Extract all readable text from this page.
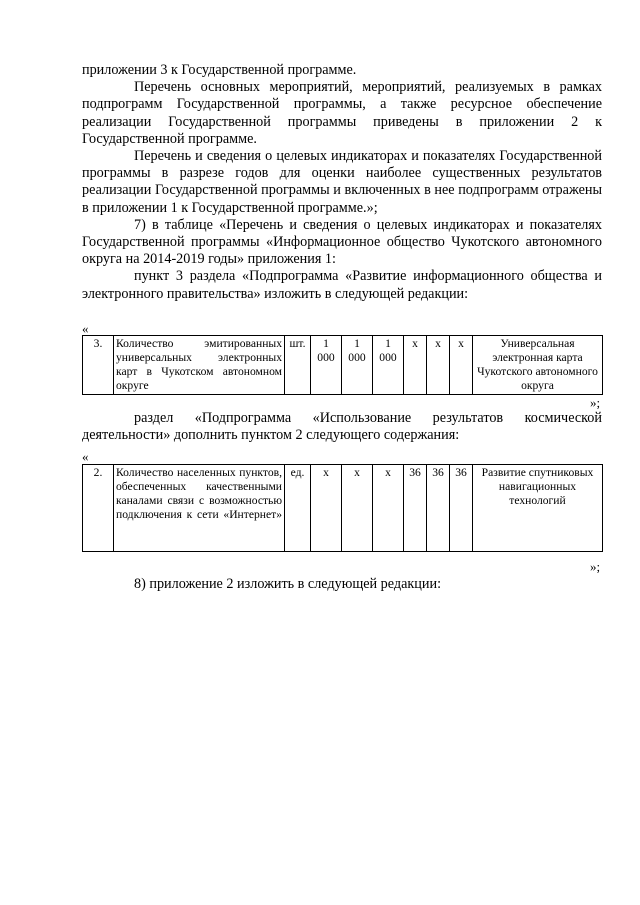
приложении 3 к Государственной программе.

Перечень основных мероприятий, мероприятий, реализуемых в рамках подпрограмм Государственной программы, а также ресурсное обеспечение реализации Государственной программы приведены в приложении 2 к Государственной программе.

Перечень и сведения о целевых индикаторах и показателях Государственной программы в разрезе годов для оценки наиболее существенных результатов реализации Государственной программы и включенных в нее подпрограмм отражены в приложении 1 к Государственной программе.»;

7) в таблице «Перечень и сведения о целевых индикаторах и показателях Государственной программы «Информационное общество Чукотского автономного округа на 2014-2019 годы» приложения 1:

пункт 3 раздела «Подпрограмма «Развитие информационного общества и электронного правительства» изложить в следующей редакции:

«
3.	Количество эмитированных универсальных электронных карт в Чукотском автономном округе	шт.	1 000	1 000	1 000	х	х	х	Универсальная электронная карта Чукотского автономного округа
»;

раздел «Подпрограмма «Использование результатов космической деятельности» дополнить пунктом 2 следующего содержания:

«
2.	Количество населенных пунктов, обеспеченных качественными каналами связи с возможностью подключения к сети «Интернет»	ед.	х	х	х	36	36	36	Развитие спутниковых навигационных технологий
»;

8) приложение 2 изложить в следующей редакции:
